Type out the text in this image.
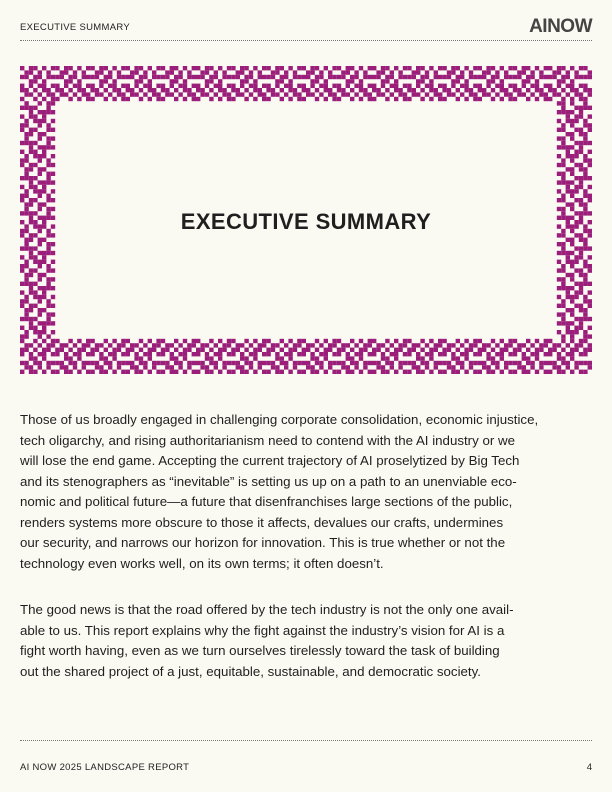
EXECUTIVE SUMMARY	AINOW
EXECUTIVE SUMMARY
Those of us broadly engaged in challenging corporate consolidation, economic injustice,
tech oligarchy, and rising authoritarianism need to contend with the AI industry or we
will lose the end game. Accepting the current trajectory of AI proselytized by Big Tech
and its stenographers as “inevitable” is setting us up on a path to an unenviable eco-
nomic and political future—a future that disenfranchises large sections of the public,
renders systems more obscure to those it affects, devalues our crafts, undermines
our security, and narrows our horizon for innovation. This is true whether or not the
technology even works well, on its own terms; it often doesn’t.
The good news is that the road offered by the tech industry is not the only one avail-
able to us. This report explains why the fight against the industry’s vision for AI is a
fight worth having, even as we turn ourselves tirelessly toward the task of building
out the shared project of a just, equitable, sustainable, and democratic society.
AI NOW 2025 LANDSCAPE REPORT	4
